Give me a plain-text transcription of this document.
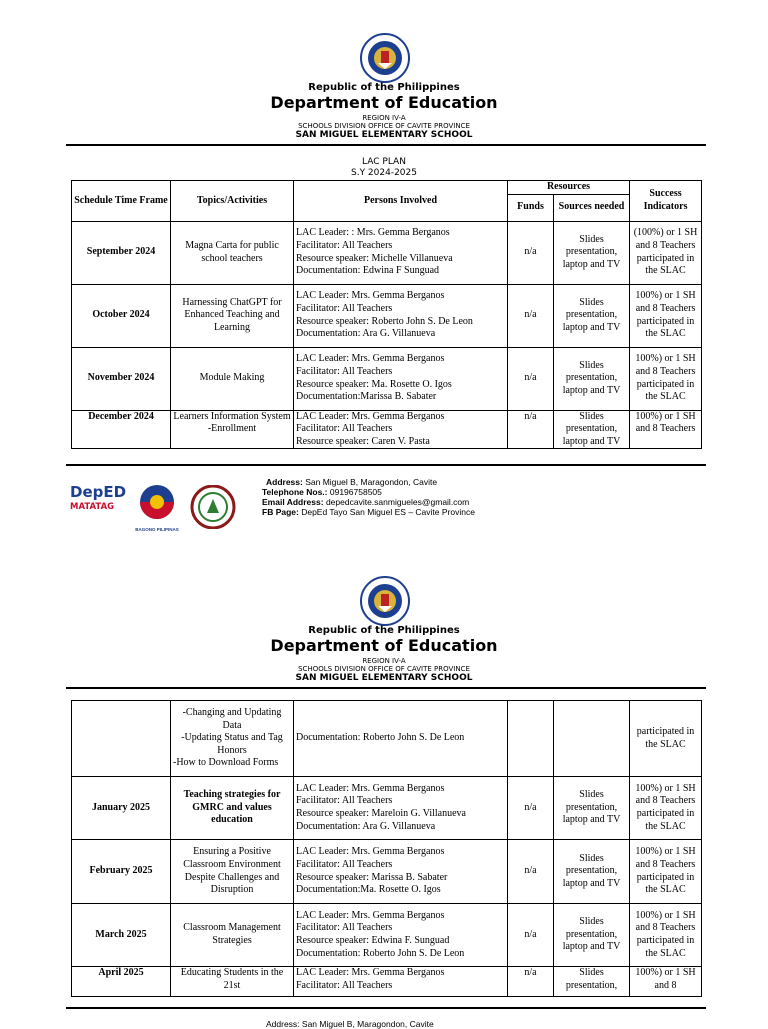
Republic of the Philippines
Department of Education
REGION IV-A
SCHOOLS DIVISION OFFICE OF CAVITE PROVINCE
SAN MIGUEL ELEMENTARY SCHOOL
LAC PLAN
S.Y 2024-2025
Schedule Time Frame	Topics/Activities	Persons Involved	Resources		Success Indicators
			Funds	Sources needed	
September 2024	Magna Carta for public school teachers	LAC Leader: : Mrs. Gemma Berganos
Facilitator: All Teachers
Resource speaker: Michelle Villanueva
Documentation: Edwina F Sunguad	n/a	Slides presentation, laptop and TV	(100%) or 1 SH and 8 Teachers participated in the SLAC
October 2024	Harnessing ChatGPT for Enhanced Teaching and Learning	LAC Leader: Mrs. Gemma Berganos
Facilitator: All Teachers
Resource speaker: Roberto John S. De Leon
Documentation: Ara G. Villanueva	n/a	Slides presentation, laptop and TV	100%) or 1 SH and 8 Teachers participated in the SLAC
November 2024	Module Making	LAC Leader: Mrs. Gemma Berganos
Facilitator: All Teachers
Resource speaker: Ma. Rosette O. Igos
Documentation:Marissa B. Sabater	n/a	Slides presentation, laptop and TV	100%) or 1 SH and 8 Teachers participated in the SLAC
December 2024	Learners Information System -Enrollment	LAC Leader: Mrs. Gemma Berganos
Facilitator: All Teachers
Resource speaker: Caren V. Pasta	n/a	Slides presentation, laptop and TV	100%) or 1 SH and 8 Teachers
DepED
MATATAG
BAGONG PILIPINAS
Address: San Miguel B, Maragondon, Cavite
Telephone Nos.: 09196758505
Email Address: depedcavite.sanmigueles@gmail.com
FB Page: DepEd Tayo San Miguel ES – Cavite Province
Republic of the Philippines
Department of Education
REGION IV-A
SCHOOLS DIVISION OFFICE OF CAVITE PROVINCE
SAN MIGUEL ELEMENTARY SCHOOL

	-Changing and Updating Data
-Updating Status and Tag Honors
-How to Download Forms	Documentation: Roberto John S. De Leon			participated in the SLAC
January 2025	Teaching strategies for GMRC and values education	LAC Leader: Mrs. Gemma Berganos
Facilitator: All Teachers
Resource speaker: Mareloin G. Villanueva
Documentation: Ara G. Villanueva	n/a	Slides presentation, laptop and TV	100%) or 1 SH and 8 Teachers participated in the SLAC
February 2025	Ensuring a Positive Classroom Environment Despite Challenges and Disruption	LAC Leader: Mrs. Gemma Berganos
Facilitator: All Teachers
Resource speaker: Marissa B. Sabater
Documentation:Ma. Rosette O. Igos	n/a	Slides presentation, laptop and TV	100%) or 1 SH and 8 Teachers participated in the SLAC
March 2025	Classroom Management Strategies	LAC Leader: Mrs. Gemma Berganos
Facilitator: All Teachers
Resource speaker: Edwina F. Sunguad
Documentation: Roberto John S. De Leon	n/a	Slides presentation, laptop and TV	100%) or 1 SH and 8 Teachers participated in the SLAC
April 2025	Educating Students in the 21st	LAC Leader: Mrs. Gemma Berganos
Facilitator: All Teachers	n/a	Slides presentation,	100%) or 1 SH and 8
Address: San Miguel B, Maragondon, Cavite
